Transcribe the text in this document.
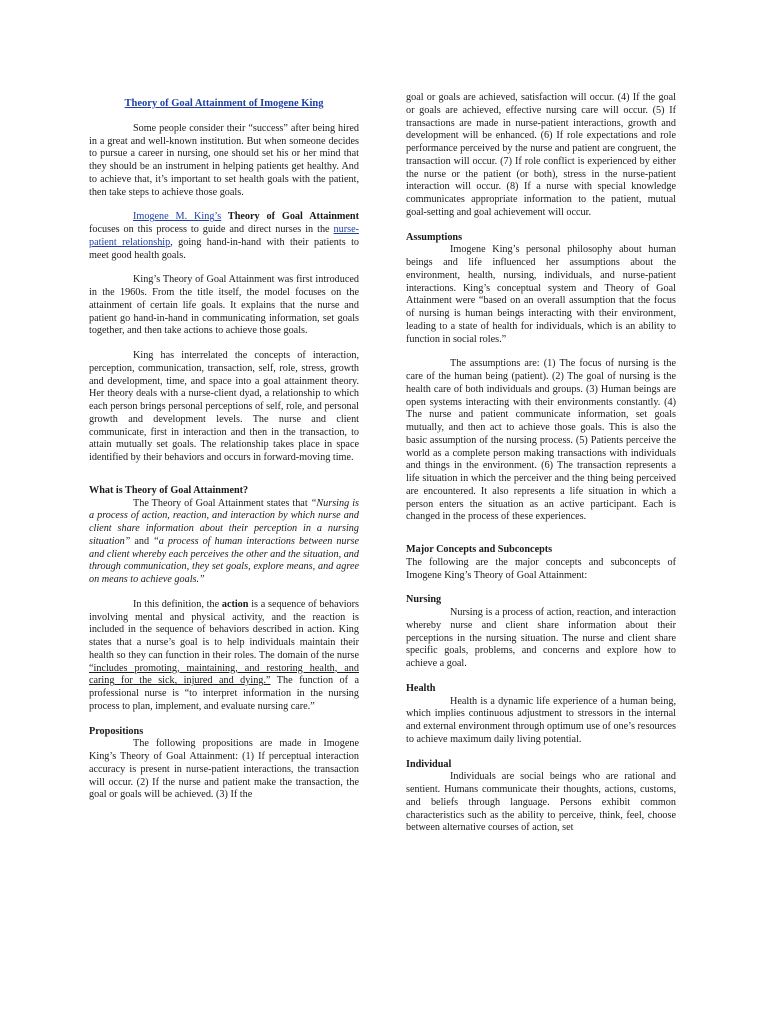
Theory of Goal Attainment of Imogene King

Some people consider their “success” after being hired in a great and well-known institution. But when someone decides to pursue a career in nursing, one should set his or her mind that they should be an instrument in helping patients get healthy. And to achieve that, it’s important to set health goals with the patient, then take steps to achieve those goals.

Imogene M. King’s Theory of Goal Attainment focuses on this process to guide and direct nurses in the nurse-patient relationship, going hand-in-hand with their patients to meet good health goals.

King’s Theory of Goal Attainment was first introduced in the 1960s. From the title itself, the model focuses on the attainment of certain life goals. It explains that the nurse and patient go hand-in-hand in communicating information, set goals together, and then take actions to achieve those goals.

King has interrelated the concepts of interaction, perception, communication, transaction, self, role, stress, growth and development, time, and space into a goal attainment theory. Her theory deals with a nurse-client dyad, a relationship to which each person brings personal perceptions of self, role, and personal growth and development levels. The nurse and client communicate, first in interaction and then in the transaction, to attain mutually set goals. The relationship takes place in space identified by their behaviors and occurs in forward-moving time.

What is Theory of Goal Attainment?

The Theory of Goal Attainment states that “Nursing is a process of action, reaction, and interaction by which nurse and client share information about their perception in a nursing situation” and “a process of human interactions between nurse and client whereby each perceives the other and the situation, and through communication, they set goals, explore means, and agree on means to achieve goals.”

In this definition, the action is a sequence of behaviors involving mental and physical activity, and the reaction is included in the sequence of behaviors described in action. King states that a nurse’s goal is to help individuals maintain their health so they can function in their roles. The domain of the nurse “includes promoting, maintaining, and restoring health, and caring for the sick, injured and dying.” The function of a professional nurse is “to interpret information in the nursing process to plan, implement, and evaluate nursing care.”

Propositions

The following propositions are made in Imogene King’s Theory of Goal Attainment: (1) If perceptual interaction accuracy is present in nurse-patient interactions, the transaction will occur. (2) If the nurse and patient make the transaction, the goal or goals will be achieved. (3) If the

goal or goals are achieved, satisfaction will occur. (4) If the goal or goals are achieved, effective nursing care will occur. (5) If transactions are made in nurse-patient interactions, growth and development will be enhanced. (6) If role expectations and role performance perceived by the nurse and patient are congruent, the transaction will occur. (7) If role conflict is experienced by either the nurse or the patient (or both), stress in the nurse-patient interaction will occur. (8) If a nurse with special knowledge communicates appropriate information to the patient, mutual goal-setting and goal achievement will occur.

Assumptions

Imogene King’s personal philosophy about human beings and life influenced her assumptions about the environment, health, nursing, individuals, and nurse-patient interactions. King’s conceptual system and Theory of Goal Attainment were “based on an overall assumption that the focus of nursing is human beings interacting with their environment, leading to a state of health for individuals, which is an ability to function in social roles.”

The assumptions are: (1) The focus of nursing is the care of the human being (patient). (2) The goal of nursing is the health care of both individuals and groups. (3) Human beings are open systems interacting with their environments constantly. (4) The nurse and patient communicate information, set goals mutually, and then act to achieve those goals. This is also the basic assumption of the nursing process. (5) Patients perceive the world as a complete person making transactions with individuals and things in the environment. (6) The transaction represents a life situation in which the perceiver and the thing being perceived are encountered. It also represents a life situation in which a person enters the situation as an active participant. Each is changed in the process of these experiences.

Major Concepts and Subconcepts

The following are the major concepts and subconcepts of Imogene King’s Theory of Goal Attainment:

Nursing

Nursing is a process of action, reaction, and interaction whereby nurse and client share information about their perceptions in the nursing situation. The nurse and client share specific goals, problems, and concerns and explore how to achieve a goal.

Health

Health is a dynamic life experience of a human being, which implies continuous adjustment to stressors in the internal and external environment through optimum use of one’s resources to achieve maximum daily living potential.

Individual

Individuals are social beings who are rational and sentient. Humans communicate their thoughts, actions, customs, and beliefs through language. Persons exhibit common characteristics such as the ability to perceive, think, feel, choose between alternative courses of action, set
